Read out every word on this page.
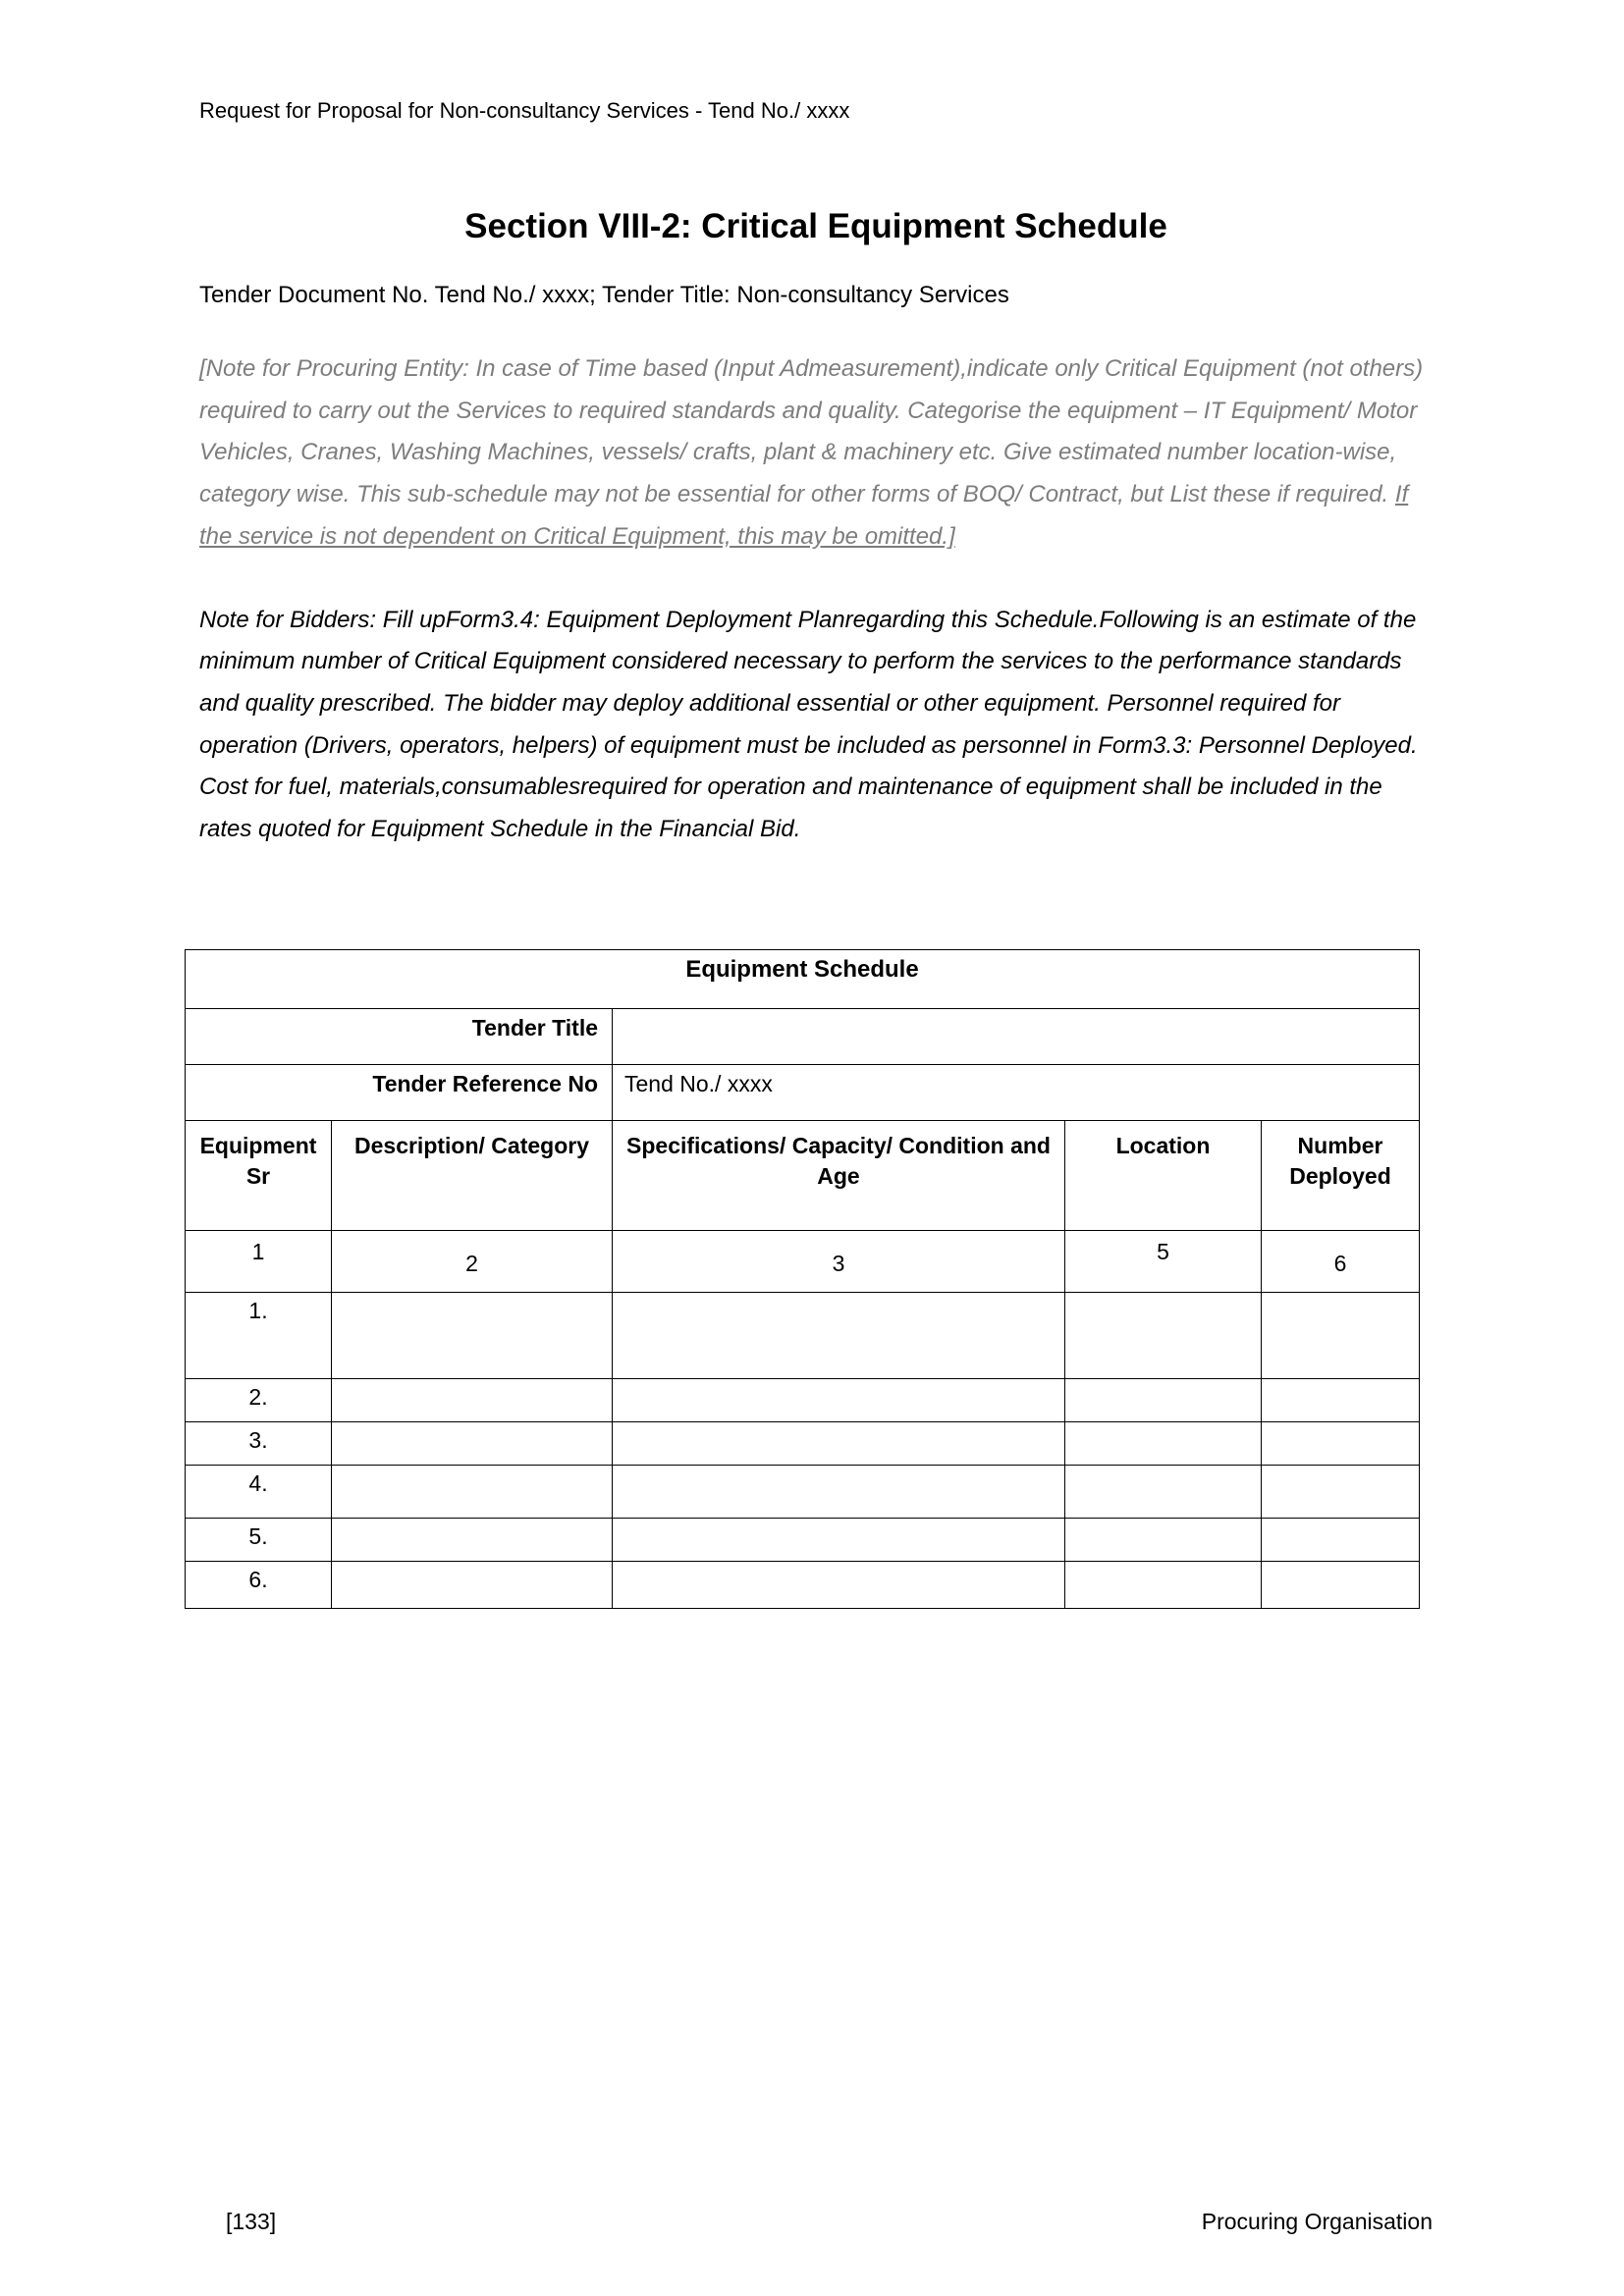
Request for Proposal for Non-consultancy Services - Tend No./ xxxx

Section VIII-2: Critical Equipment Schedule

Tender Document No. Tend No./ xxxx; Tender Title: Non-consultancy Services

[Note for Procuring Entity: In case of Time based (Input Admeasurement),indicate only Critical Equipment (not others) required to carry out the Services to required standards and quality. Categorise the equipment – IT Equipment/ Motor Vehicles, Cranes, Washing Machines, vessels/ crafts, plant & machinery etc. Give estimated number location-wise, category wise. This sub-schedule may not be essential for other forms of BOQ/ Contract, but List these if required. If the service is not dependent on Critical Equipment, this may be omitted.]

Note for Bidders: Fill upForm3.4: Equipment Deployment Planregarding this Schedule.Following is an estimate of the minimum number of Critical Equipment considered necessary to perform the services to the performance standards and quality prescribed. The bidder may deploy additional essential or other equipment. Personnel required for operation (Drivers, operators, helpers) of equipment must be included as personnel in Form3.3: Personnel Deployed. Cost for fuel, materials,consumablesrequired for operation and maintenance of equipment shall be included in the rates quoted for Equipment Schedule in the Financial Bid.

Equipment Schedule				
Tender Title				
Tender Reference No		Tend No./ xxxx		
Equipment Sr	Description/ Category	Specifications/ Capacity/ Condition and Age	Location	Number Deployed
1	2	3	5	6
1.				
2.				
3.				
4.				
5.				
6.				
[133]	Procuring Organisation
